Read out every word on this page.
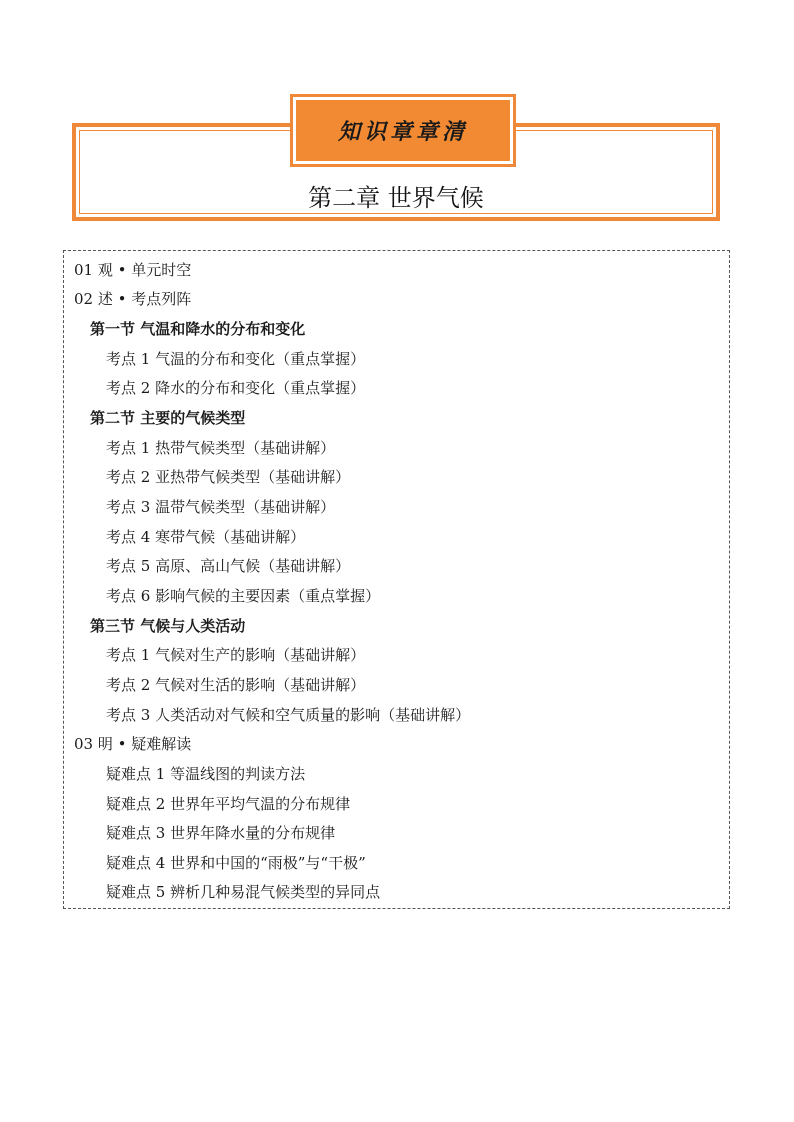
知识章章清
第二章 世界气候
01 观 • 单元时空
02 述 • 考点列阵
第一节 气温和降水的分布和变化
考点 1 气温的分布和变化（重点掌握）
考点 2 降水的分布和变化（重点掌握）
第二节 主要的气候类型
考点 1 热带气候类型（基础讲解）
考点 2 亚热带气候类型（基础讲解）
考点 3 温带气候类型（基础讲解）
考点 4 寒带气候（基础讲解）
考点 5 高原、高山气候（基础讲解）
考点 6 影响气候的主要因素（重点掌握）
第三节 气候与人类活动
考点 1 气候对生产的影响（基础讲解）
考点 2 气候对生活的影响（基础讲解）
考点 3 人类活动对气候和空气质量的影响（基础讲解）
03 明 • 疑难解读
疑难点 1 等温线图的判读方法
疑难点 2 世界年平均气温的分布规律
疑难点 3 世界年降水量的分布规律
疑难点 4 世界和中国的“雨极”与“干极”
疑难点 5 辨析几种易混气候类型的异同点
